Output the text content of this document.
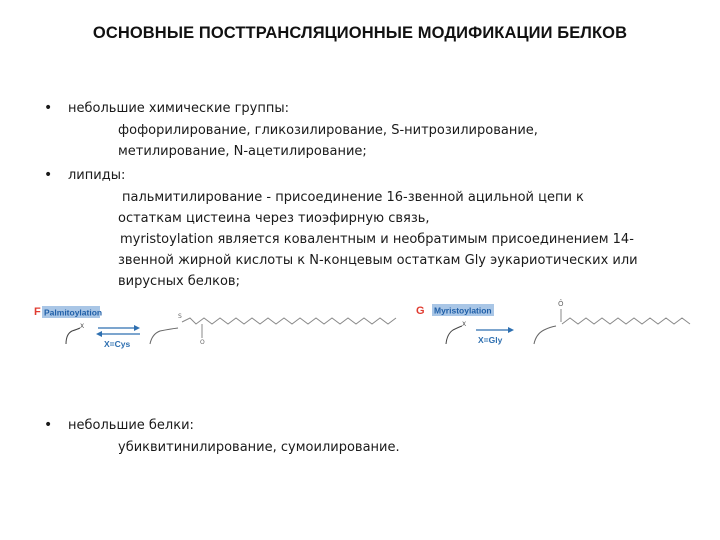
ОСНОВНЫЕ ПОСТТРАНСЛЯЦИОННЫЕ МОДИФИКАЦИИ БЕЛКОВ
• небольшие химические группы:
фофорилирование, гликозилирование, S-нитрозилирование,
метилирование, N-ацетилирование;
• липиды:
пальмитилирование - присоединение 16-звенной ацильной цепи к
остаткам цистеина через тиоэфирную связь,
myristoylation является ковалентным и необратимым присоединением 14-
звенной жирной кислоты к N-концевым остаткам Gly эукариотических или
вирусных белков;
• небольшие белки:
убиквитинилирование, сумоилирование.
F Palmitoylation
X
X=Cys
S
O
G Myristoylation
X
X=Gly
Ô
